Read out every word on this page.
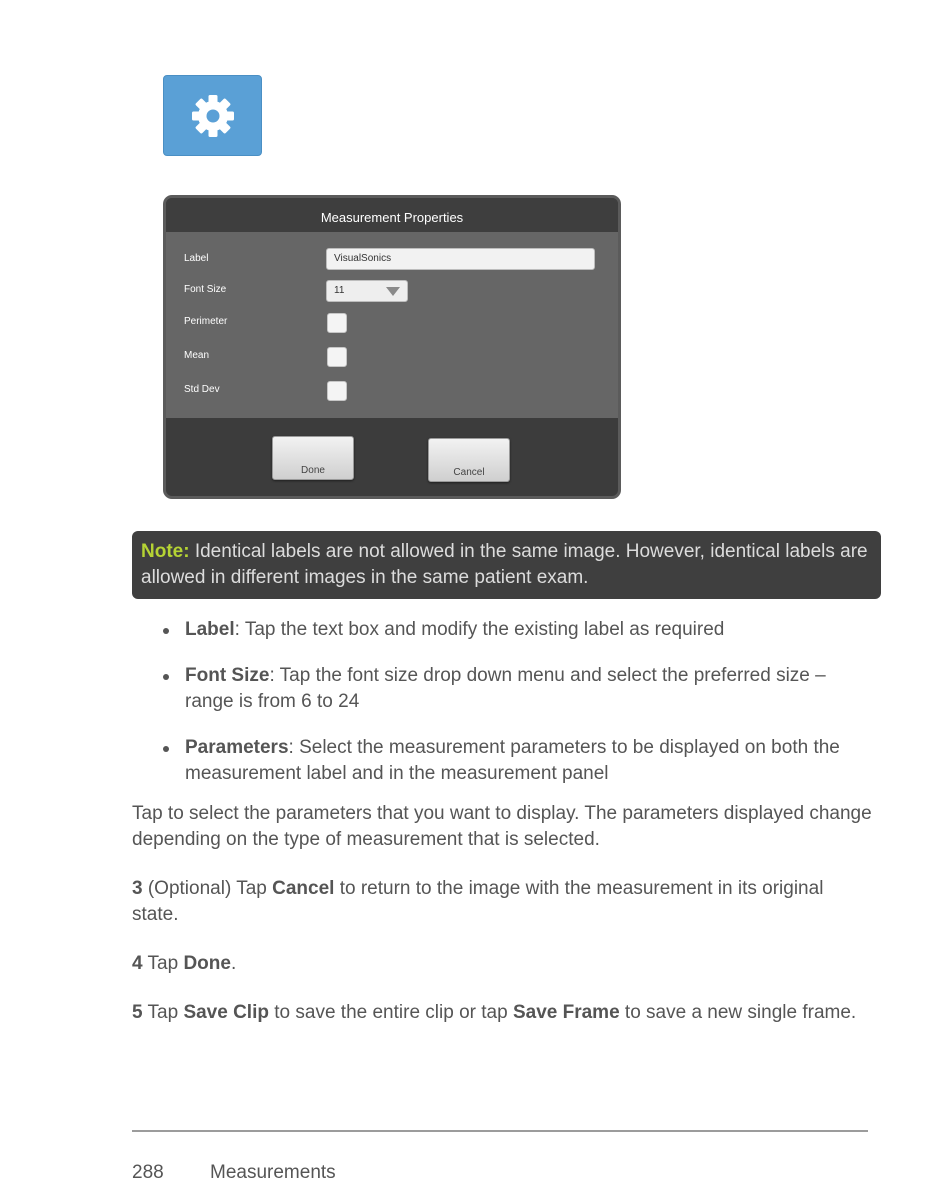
Measurement Properties
Label	VisualSonics
Font Size	11
Perimeter
Mean
Std Dev
Done	Cancel
Note: Identical labels are not allowed in the same image. However, identical labels are allowed in different images in the same patient exam.
Label: Tap the text box and modify the existing label as required
Font Size: Tap the font size drop down menu and select the preferred size – range is from 6 to 24
Parameters: Select the measurement parameters to be displayed on both the measurement label and in the measurement panel
Tap to select the parameters that you want to display. The parameters displayed change depending on the type of measurement that is selected.
3 (Optional) Tap Cancel to return to the image with the measurement in its original state.
4 Tap Done.
5 Tap Save Clip to save the entire clip or tap Save Frame to save a new single frame.
288 Measurements
